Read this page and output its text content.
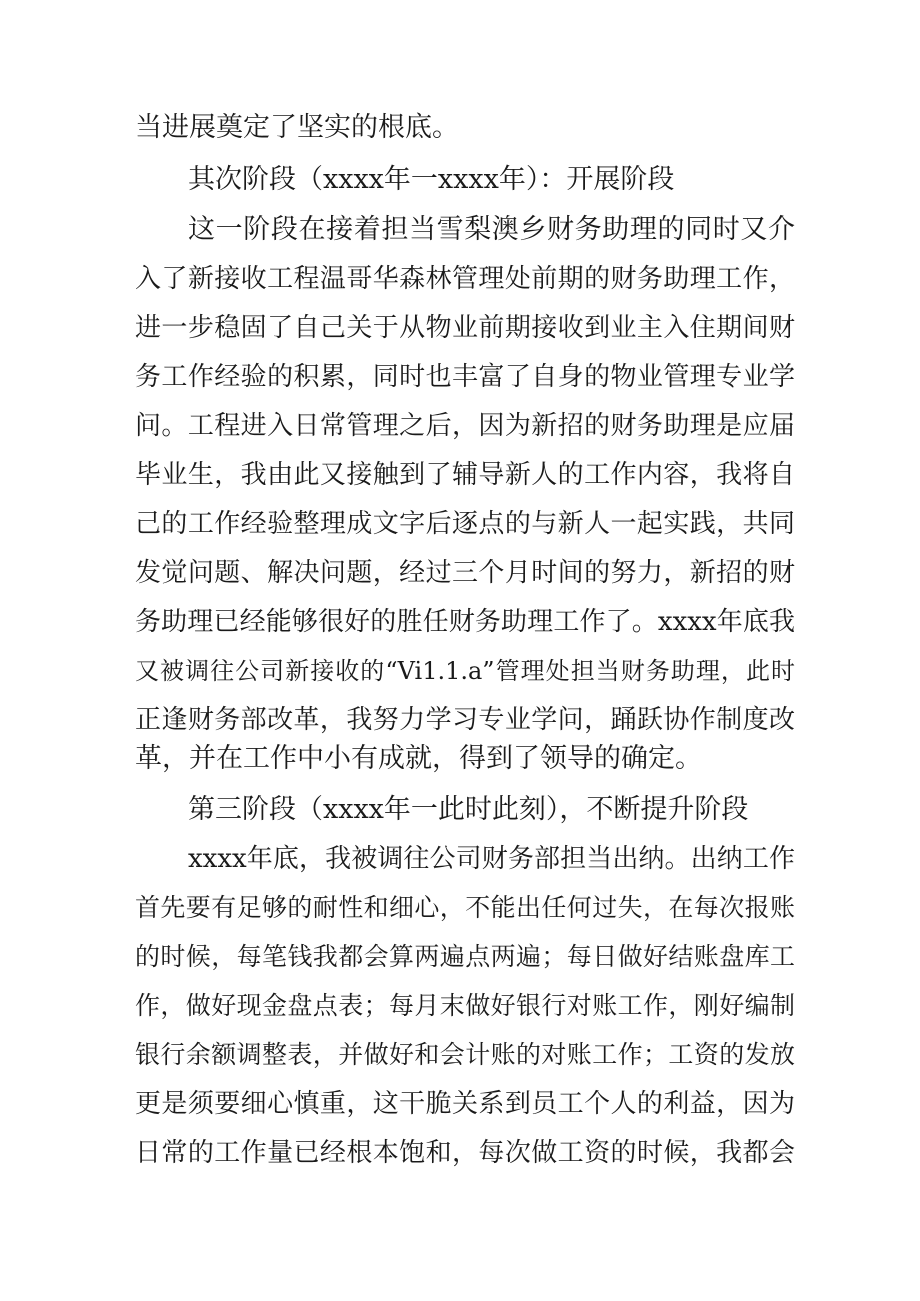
当进展奠定了坚实的根底。
其次阶段（xxxx年一xxxx年）：开展阶段
这一阶段在接着担当雪梨澳乡财务助理的同时又介
入了新接收工程温哥华森林管理处前期的财务助理工作，
进一步稳固了自己关于从物业前期接收到业主入住期间财
务工作经验的积累，同时也丰富了自身的物业管理专业学
问。工程进入日常管理之后，因为新招的财务助理是应届
毕业生，我由此又接触到了辅导新人的工作内容，我将自
己的工作经验整理成文字后逐点的与新人一起实践，共同
发觉问题、解决问题，经过三个月时间的努力，新招的财
务助理已经能够很好的胜任财务助理工作了。xxxx年底我
又被调往公司新接收的“Vi1.1.a”管理处担当财务助理，此时
正逢财务部改革，我努力学习专业学问，踊跃协作制度改
革，并在工作中小有成就，得到了领导的确定。
第三阶段（xxxx年一此时此刻），不断提升阶段
xxxx年底，我被调往公司财务部担当出纳。出纳工作
首先要有足够的耐性和细心，不能出任何过失，在每次报账
的时候，每笔钱我都会算两遍点两遍；每日做好结账盘库工
作，做好现金盘点表；每月末做好银行对账工作，刚好编制
银行余额调整表，并做好和会计账的对账工作；工资的发放
更是须要细心慎重，这干脆关系到员工个人的利益，因为
日常的工作量已经根本饱和，每次做工资的时候，我都会
